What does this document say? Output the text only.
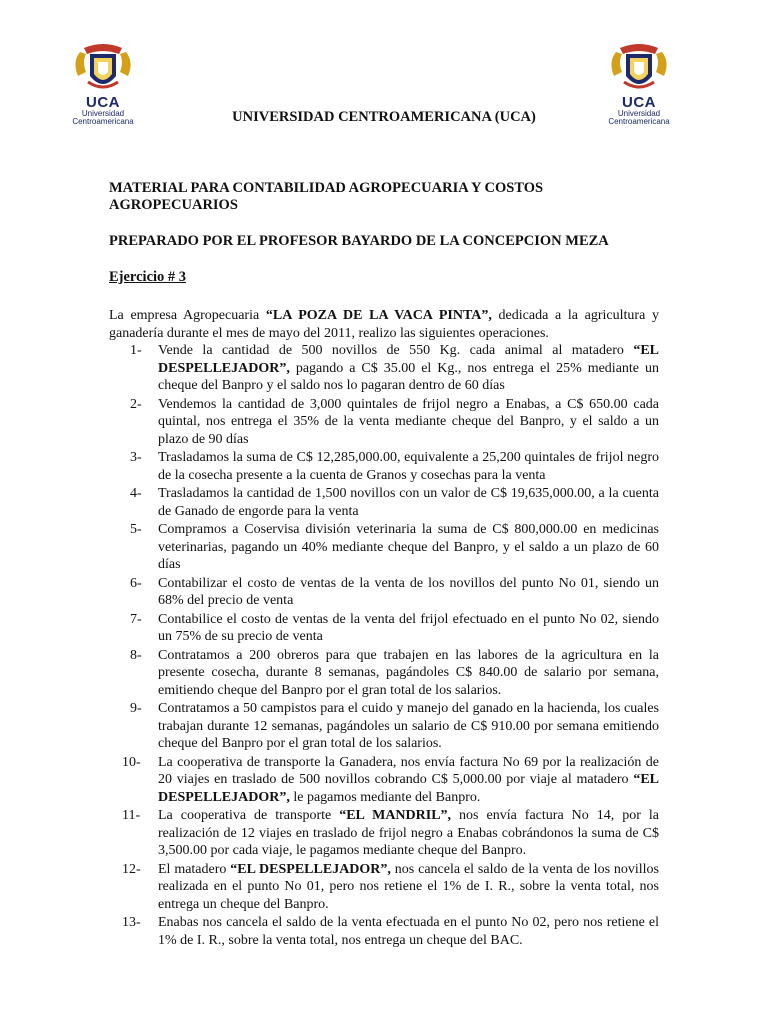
UCA
Universidad
Centroamericana
UCA
Universidad
Centroamericana
UNIVERSIDAD CENTROAMERICANA (UCA)

MATERIAL PARA CONTABILIDAD AGROPECUARIA Y COSTOS AGROPECUARIOS

PREPARADO POR EL PROFESOR BAYARDO DE LA CONCEPCION MEZA

Ejercicio # 3
La empresa Agropecuaria “LA POZA DE LA VACA PINTA”, dedicada a la agricultura y ganadería durante el mes de mayo del 2011, realizo las siguientes operaciones.
1- Vende la cantidad de 500 novillos de 550 Kg. cada animal al matadero “EL DESPELLEJADOR”, pagando a C$ 35.00 el Kg., nos entrega el 25% mediante un cheque del Banpro y el saldo nos lo pagaran dentro de 60 días
2- Vendemos la cantidad de 3,000 quintales de frijol negro a Enabas, a C$ 650.00 cada quintal, nos entrega el 35% de la venta mediante cheque del Banpro, y el saldo a un plazo de 90 días
3- Trasladamos la suma de C$ 12,285,000.00, equivalente a 25,200 quintales de frijol negro de la cosecha presente a la cuenta de Granos y cosechas para la venta
4- Trasladamos la cantidad de 1,500 novillos con un valor de C$ 19,635,000.00, a la cuenta de Ganado de engorde para la venta
5- Compramos a Coservisa división veterinaria la suma de C$ 800,000.00 en medicinas veterinarias, pagando un 40% mediante cheque del Banpro, y el saldo a un plazo de 60 días
6- Contabilizar el costo de ventas de la venta de los novillos del punto No 01, siendo un 68% del precio de venta
7- Contabilice el costo de ventas de la venta del frijol efectuado en el punto No 02, siendo un 75% de su precio de venta
8- Contratamos a 200 obreros para que trabajen en las labores de la agricultura en la presente cosecha, durante 8 semanas, pagándoles C$ 840.00 de salario por semana, emitiendo cheque del Banpro por el gran total de los salarios.
9- Contratamos a 50 campistos para el cuido y manejo del ganado en la hacienda, los cuales trabajan durante 12 semanas, pagándoles un salario de C$ 910.00 por semana emitiendo cheque del Banpro por el gran total de los salarios.
10- La cooperativa de transporte la Ganadera, nos envía factura No 69 por la realización de 20 viajes en traslado de 500 novillos cobrando C$ 5,000.00 por viaje al matadero “EL DESPELLEJADOR”, le pagamos mediante del Banpro.
11- La cooperativa de transporte “EL MANDRIL”, nos envía factura No 14, por la realización de 12 viajes en traslado de frijol negro a Enabas cobrándonos la suma de C$ 3,500.00 por cada viaje, le pagamos mediante cheque del Banpro.
12- El matadero “EL DESPELLEJADOR”, nos cancela el saldo de la venta de los novillos realizada en el punto No 01, pero nos retiene el 1% de I. R., sobre la venta total, nos entrega un cheque del Banpro.
13- Enabas nos cancela el saldo de la venta efectuada en el punto No 02, pero nos retiene el 1% de I. R., sobre la venta total, nos entrega un cheque del BAC.
